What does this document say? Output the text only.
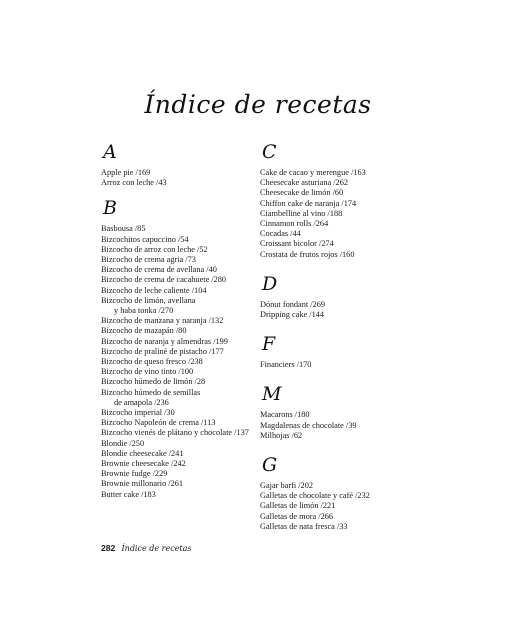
Índice de recetas
A
Apple pie /169
Arroz con leche /43
B
Basbousa /85
Bizcochitos capuccino /54
Bizcocho de arroz con leche /52
Bizcocho de crema agria /73
Bizcocho de crema de avellana /40
Bizcocho de crema de cacahuete /280
Bizcocho de leche caliente /104
Bizcocho de limón, avellana
y haba tonka /270
Bizcocho de manzana y naranja /132
Bizcocho de mazapán /80
Bizcocho de naranja y almendras /199
Bizcocho de praliné de pistacho /177
Bizcocho de queso fresco /238
Bizcocho de vino tinto /100
Bizcocho húmedo de limón /28
Bizcocho húmedo de semillas
de amapola /236
Bizcocho imperial /30
Bizcocho Napoleón de crema /113
Bizcocho vienés de plátano y chocolate /137
Blondie /250
Blondie cheesecake /241
Brownie cheesecake /242
Brownie fudge /229
Brownie millonario /261
Butter cake /183
C
Cake de cacao y merengue /163
Cheesecake asturiana /262
Cheesecake de limón /60
Chiffon cake de naranja /174
Ciambelline al vino /188
Cinnamon rolls /264
Cocadas /44
Croissant bicolor /274
Crostata de frutos rojos /160
D
Dónut fondant /269
Dripping cake /144
F
Financiers /170
M
Macarons /180
Magdalenas de chocolate /39
Milhojas /62
G
Gajar barfi /202
Galletas de chocolate y café /232
Galletas de limón /221
Galletas de mora /266
Galletas de nata fresca /33
282 Índice de recetas
